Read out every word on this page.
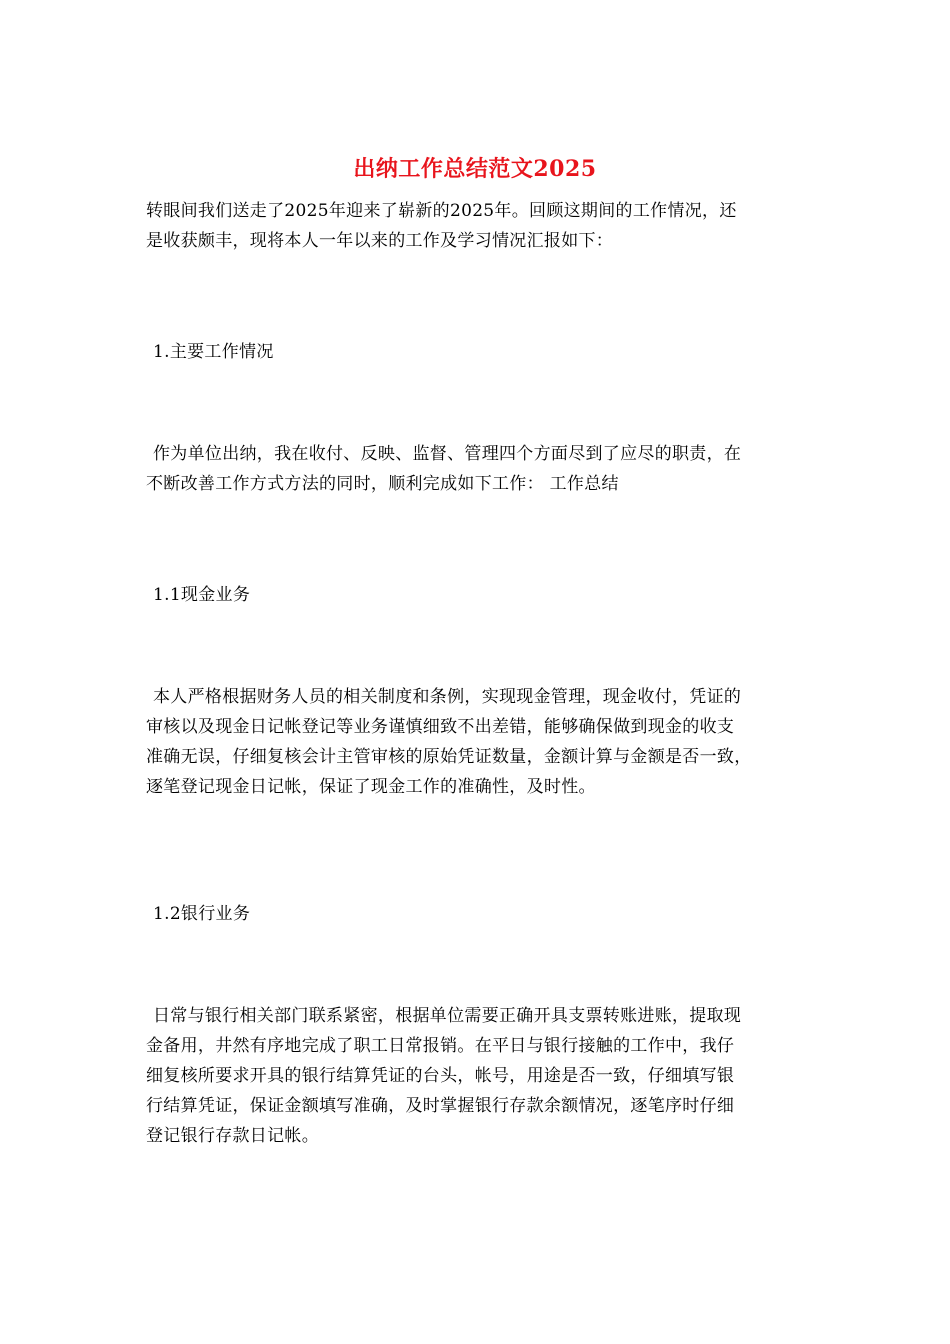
出纳工作总结范文2025
转眼间我们送走了2025年迎来了崭新的2025年。回顾这期间的工作情况，还
是收获颇丰，现将本人一年以来的工作及学习情况汇报如下：
1.主要工作情况
作为单位出纳，我在收付、反映、监督、管理四个方面尽到了应尽的职责，在
不断改善工作方式方法的同时，顺利完成如下工作： 工作总结
1.1现金业务
本人严格根据财务人员的相关制度和条例，实现现金管理，现金收付，凭证的
审核以及现金日记帐登记等业务谨慎细致不出差错，能够确保做到现金的收支
准确无误，仔细复核会计主管审核的原始凭证数量，金额计算与金额是否一致，
逐笔登记现金日记帐，保证了现金工作的准确性，及时性。
1.2银行业务
日常与银行相关部门联系紧密，根据单位需要正确开具支票转账进账，提取现
金备用，井然有序地完成了职工日常报销。在平日与银行接触的工作中，我仔
细复核所要求开具的银行结算凭证的台头，帐号，用途是否一致，仔细填写银
行结算凭证，保证金额填写准确，及时掌握银行存款余额情况，逐笔序时仔细
登记银行存款日记帐。
